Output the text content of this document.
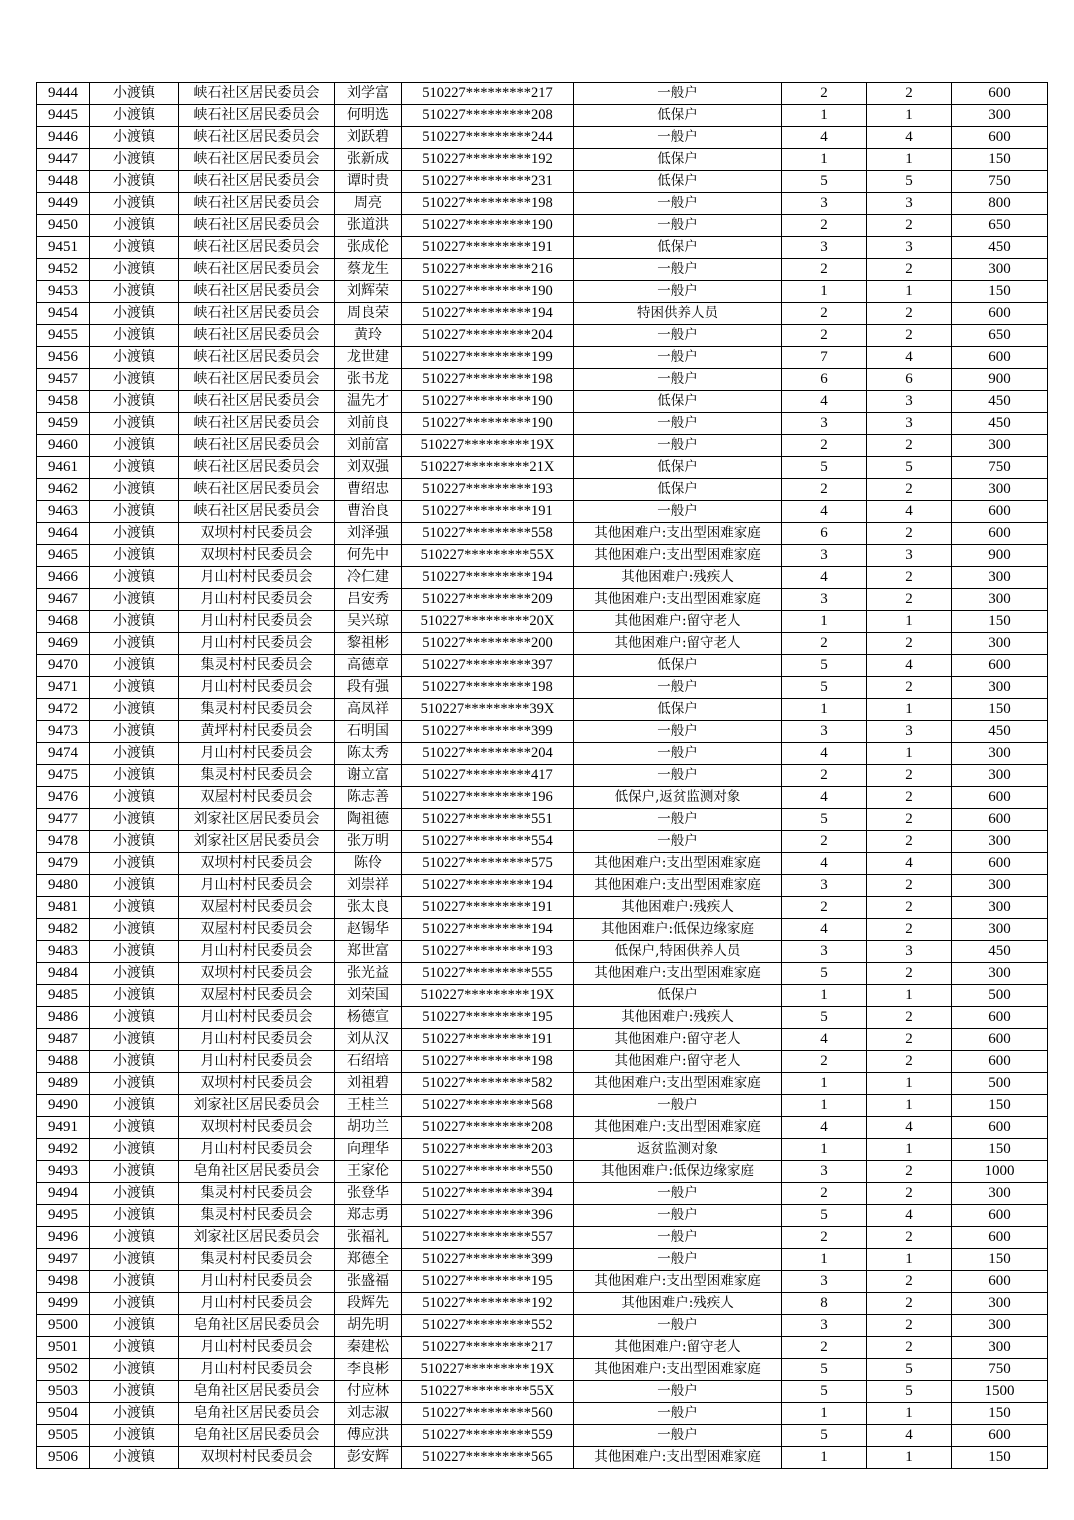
9444	小渡镇	峡石社区居民委员会	刘学富	510227*********217	一般户	2	2	600
9445	小渡镇	峡石社区居民委员会	何明选	510227*********208	低保户	1	1	300
9446	小渡镇	峡石社区居民委员会	刘跃碧	510227*********244	一般户	4	4	600
9447	小渡镇	峡石社区居民委员会	张新成	510227*********192	低保户	1	1	150
9448	小渡镇	峡石社区居民委员会	谭时贵	510227*********231	低保户	5	5	750
9449	小渡镇	峡石社区居民委员会	周亮	510227*********198	一般户	3	3	800
9450	小渡镇	峡石社区居民委员会	张道洪	510227*********190	一般户	2	2	650
9451	小渡镇	峡石社区居民委员会	张成伦	510227*********191	低保户	3	3	450
9452	小渡镇	峡石社区居民委员会	蔡龙生	510227*********216	一般户	2	2	300
9453	小渡镇	峡石社区居民委员会	刘辉荣	510227*********190	一般户	1	1	150
9454	小渡镇	峡石社区居民委员会	周良荣	510227*********194	特困供养人员	2	2	600
9455	小渡镇	峡石社区居民委员会	黄玲	510227*********204	一般户	2	2	650
9456	小渡镇	峡石社区居民委员会	龙世建	510227*********199	一般户	7	4	600
9457	小渡镇	峡石社区居民委员会	张书龙	510227*********198	一般户	6	6	900
9458	小渡镇	峡石社区居民委员会	温先才	510227*********190	低保户	4	3	450
9459	小渡镇	峡石社区居民委员会	刘前良	510227*********190	一般户	3	3	450
9460	小渡镇	峡石社区居民委员会	刘前富	510227*********19X	一般户	2	2	300
9461	小渡镇	峡石社区居民委员会	刘双强	510227*********21X	低保户	5	5	750
9462	小渡镇	峡石社区居民委员会	曹绍忠	510227*********193	低保户	2	2	300
9463	小渡镇	峡石社区居民委员会	曹治良	510227*********191	一般户	4	4	600
9464	小渡镇	双坝村村民委员会	刘泽强	510227*********558	其他困难户:支出型困难家庭	6	2	600
9465	小渡镇	双坝村村民委员会	何先中	510227*********55X	其他困难户:支出型困难家庭	3	3	900
9466	小渡镇	月山村村民委员会	冷仁建	510227*********194	其他困难户:残疾人	4	2	300
9467	小渡镇	月山村村民委员会	吕安秀	510227*********209	其他困难户:支出型困难家庭	3	2	300
9468	小渡镇	月山村村民委员会	吴兴琼	510227*********20X	其他困难户:留守老人	1	1	150
9469	小渡镇	月山村村民委员会	黎祖彬	510227*********200	其他困难户:留守老人	2	2	300
9470	小渡镇	集灵村村民委员会	高德章	510227*********397	低保户	5	4	600
9471	小渡镇	月山村村民委员会	段有强	510227*********198	一般户	5	2	300
9472	小渡镇	集灵村村民委员会	高凤祥	510227*********39X	低保户	1	1	150
9473	小渡镇	黄坪村村民委员会	石明国	510227*********399	一般户	3	3	450
9474	小渡镇	月山村村民委员会	陈太秀	510227*********204	一般户	4	1	300
9475	小渡镇	集灵村村民委员会	谢立富	510227*********417	一般户	2	2	300
9476	小渡镇	双屋村村民委员会	陈志善	510227*********196	低保户,返贫监测对象	4	2	600
9477	小渡镇	刘家社区居民委员会	陶祖德	510227*********551	一般户	5	2	600
9478	小渡镇	刘家社区居民委员会	张万明	510227*********554	一般户	2	2	300
9479	小渡镇	双坝村村民委员会	陈伶	510227*********575	其他困难户:支出型困难家庭	4	4	600
9480	小渡镇	月山村村民委员会	刘崇祥	510227*********194	其他困难户:支出型困难家庭	3	2	300
9481	小渡镇	双屋村村民委员会	张太良	510227*********191	其他困难户:残疾人	2	2	300
9482	小渡镇	双屋村村民委员会	赵锡华	510227*********194	其他困难户:低保边缘家庭	4	2	300
9483	小渡镇	月山村村民委员会	郑世富	510227*********193	低保户,特困供养人员	3	3	450
9484	小渡镇	双坝村村民委员会	张光益	510227*********555	其他困难户:支出型困难家庭	5	2	300
9485	小渡镇	双屋村村民委员会	刘荣国	510227*********19X	低保户	1	1	500
9486	小渡镇	月山村村民委员会	杨德宣	510227*********195	其他困难户:残疾人	5	2	600
9487	小渡镇	月山村村民委员会	刘从汉	510227*********191	其他困难户:留守老人	4	2	600
9488	小渡镇	月山村村民委员会	石绍培	510227*********198	其他困难户:留守老人	2	2	600
9489	小渡镇	双坝村村民委员会	刘祖碧	510227*********582	其他困难户:支出型困难家庭	1	1	500
9490	小渡镇	刘家社区居民委员会	王桂兰	510227*********568	一般户	1	1	150
9491	小渡镇	双坝村村民委员会	胡功兰	510227*********208	其他困难户:支出型困难家庭	4	4	600
9492	小渡镇	月山村村民委员会	向理华	510227*********203	返贫监测对象	1	1	150
9493	小渡镇	皂角社区居民委员会	王家伦	510227*********550	其他困难户:低保边缘家庭	3	2	1000
9494	小渡镇	集灵村村民委员会	张登华	510227*********394	一般户	2	2	300
9495	小渡镇	集灵村村民委员会	郑志勇	510227*********396	一般户	5	4	600
9496	小渡镇	刘家社区居民委员会	张福礼	510227*********557	一般户	2	2	600
9497	小渡镇	集灵村村民委员会	郑德全	510227*********399	一般户	1	1	150
9498	小渡镇	月山村村民委员会	张盛福	510227*********195	其他困难户:支出型困难家庭	3	2	600
9499	小渡镇	月山村村民委员会	段辉先	510227*********192	其他困难户:残疾人	8	2	300
9500	小渡镇	皂角社区居民委员会	胡先明	510227*********552	一般户	3	2	300
9501	小渡镇	月山村村民委员会	秦建松	510227*********217	其他困难户:留守老人	2	2	300
9502	小渡镇	月山村村民委员会	李良彬	510227*********19X	其他困难户:支出型困难家庭	5	5	750
9503	小渡镇	皂角社区居民委员会	付应林	510227*********55X	一般户	5	5	1500
9504	小渡镇	皂角社区居民委员会	刘志淑	510227*********560	一般户	1	1	150
9505	小渡镇	皂角社区居民委员会	傅应洪	510227*********559	一般户	5	4	600
9506	小渡镇	双坝村村民委员会	彭安辉	510227*********565	其他困难户:支出型困难家庭	1	1	150
